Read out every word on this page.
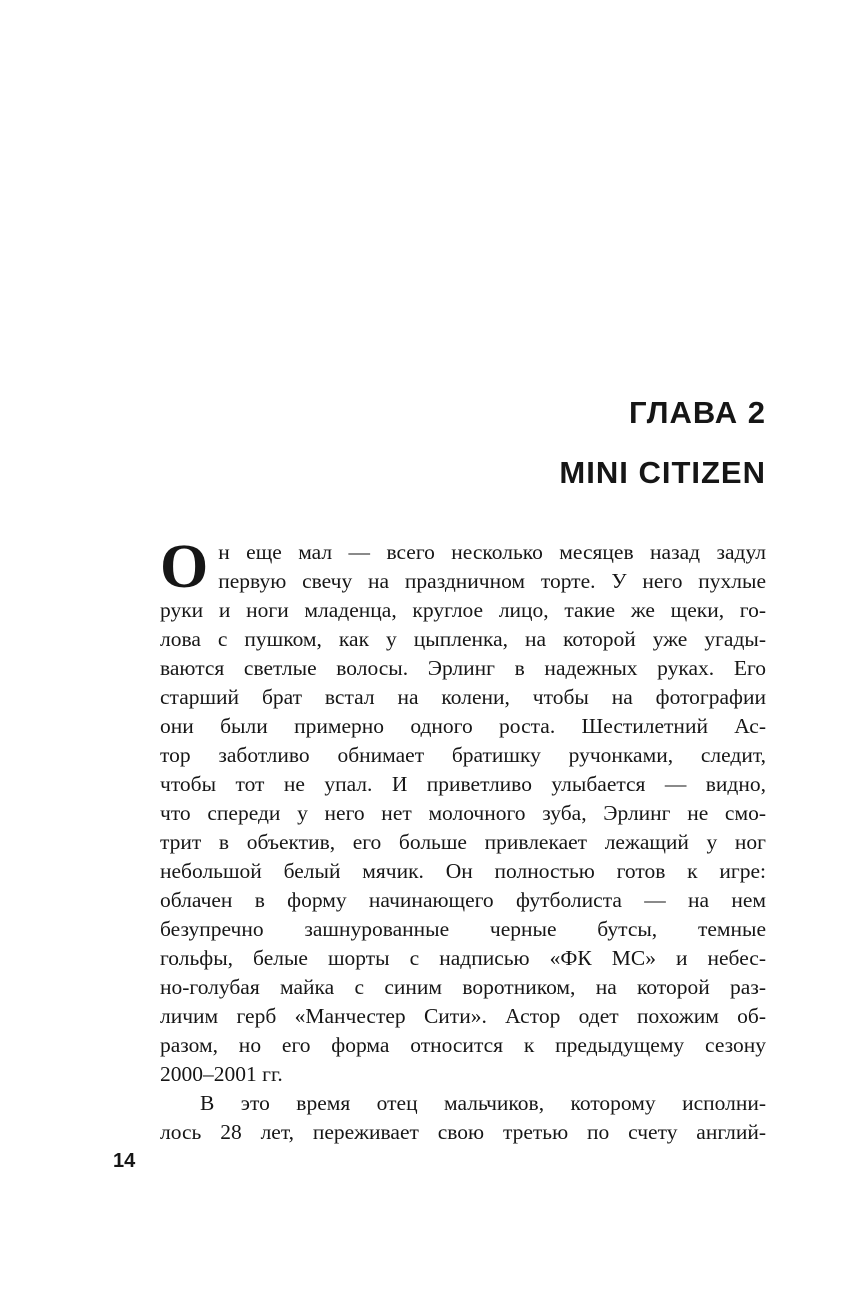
ГЛАВА 2
MINI CITIZEN
О н еще мал — всего несколько месяцев назад задул
первую свечу на праздничном торте. У него пухлые
руки и ноги младенца, круглое лицо, такие же щеки, го-
лова с пушком, как у цыпленка, на которой уже угады-
ваются светлые волосы. Эрлинг в надежных руках. Его
старший брат встал на колени, чтобы на фотографии
они были примерно одного роста. Шестилетний Ас-
тор заботливо обнимает братишку ручонками, следит,
чтобы тот не упал. И приветливо улыбается — видно,
что спереди у него нет молочного зуба, Эрлинг не смо-
трит в объектив, его больше привлекает лежащий у ног
небольшой белый мячик. Он полностью готов к игре:
облачен в форму начинающего футболиста — на нем
безупречно зашнурованные черные бутсы, темные
гольфы, белые шорты с надписью «ФК МС» и небес-
но-голубая майка с синим воротником, на которой раз-
личим герб «Манчестер Сити». Астор одет похожим об-
разом, но его форма относится к предыдущему сезону
2000–2001 гг.
В это время отец мальчиков, которому исполни-
лось 28 лет, переживает свою третью по счету англий-
14
